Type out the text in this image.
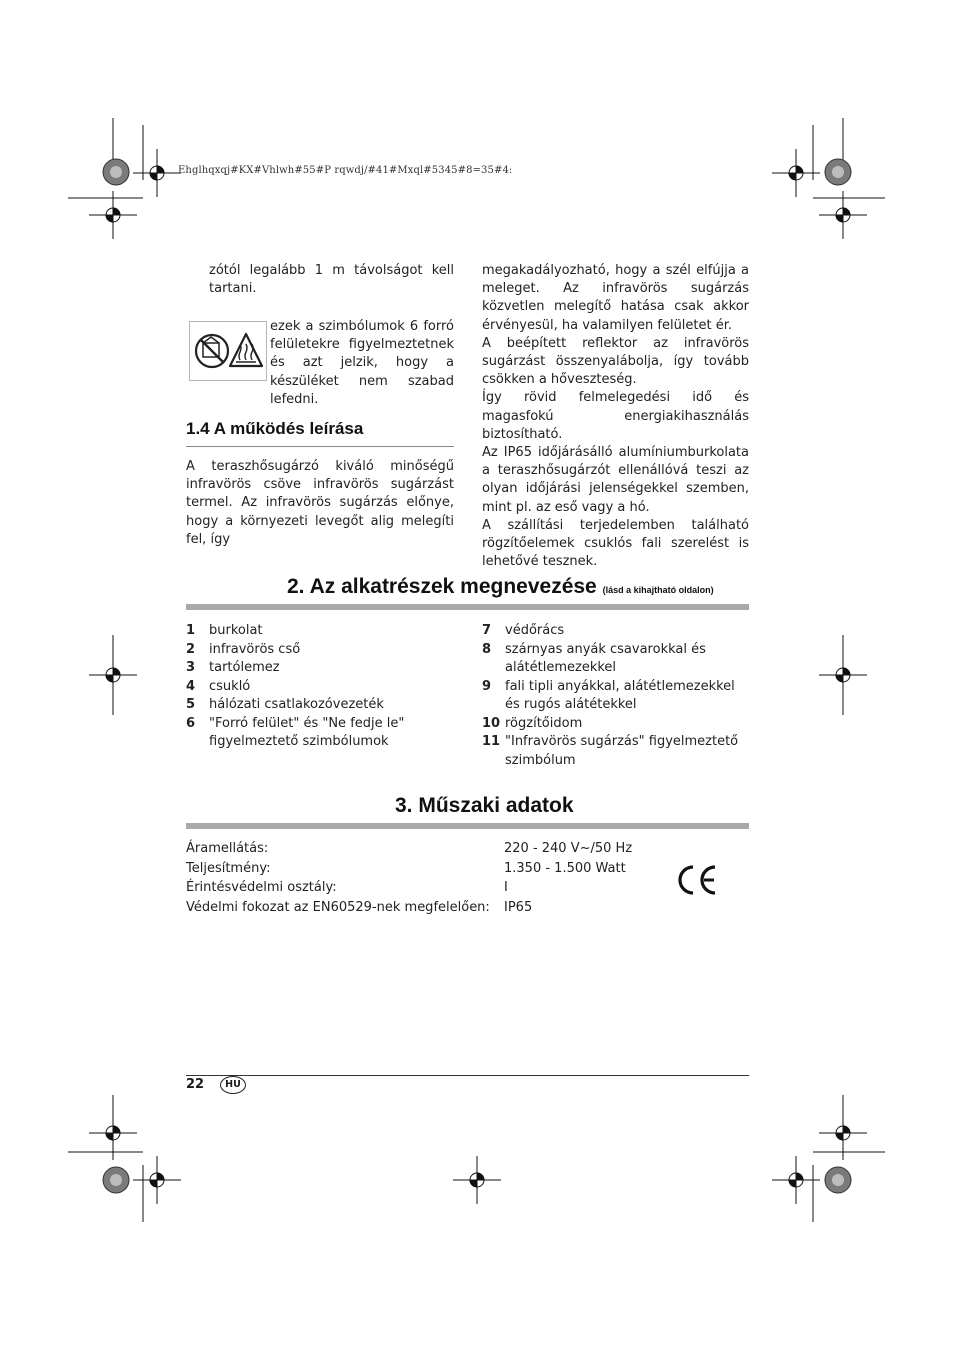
Ehglhqxqj#KX#Vhlwh#55#P rqwdj/#41#Mxql#5345#8=35#4:
zótól legalább 1 m távolságot kell tartani.
ezek a szimbólumok 6 forró felületekre figyelmeztetnek és azt jelzik, hogy a készüléket nem szabad lefedni.
1.4 A működés leírása
A teraszhősugárzó kiváló minőségű infravörös csöve infravörös sugárzást termel. Az infravörös sugárzás előnye, hogy a környezeti levegőt alig melegíti fel, így
megakadályozható, hogy a szél elfújja a meleget. Az infravörös sugárzás közvetlen melegítő hatása csak akkor érvényesül, ha valamilyen felületet ér.
A beépített reflektor az infravörös sugárzást összenyalábolja, így tovább csökken a hőveszteség.
Így rövid felmelegedési idő és magasfokú energiakihasználás biztosítható.
Az IP65 időjárásálló alumíniumburkolata a teraszhősugárzót ellenállóvá teszi az olyan időjárási jelenségekkel szemben, mint pl. az eső vagy a hó.
A szállítási terjedelemben található rögzítőelemek csuklós fali szerelést is lehetővé tesznek.
2. Az alkatrészek megnevezése (lásd a kihajtható oldalon)
1	burkolat
2	infravörös cső
3	tartólemez
4	csukló
5	hálózati csatlakozóvezeték
6	"Forró felület" és "Ne fedje le" figyelmeztető szimbólumok
7	védőrács
8	szárnyas anyák csavarokkal és alátétlemezekkel
9	fali tipli anyákkal, alátétlemezekkel és rugós alátétekkel
10 rögzítőidom
11 "Infravörös sugárzás" figyelmeztető szimbólum
3. Műszaki adatok
Áramellátás:	220 - 240 V~/50 Hz
Teljesítmény:	1.350 - 1.500 Watt
Érintésvédelmi osztály:	I
Védelmi fokozat az EN60529-nek megfelelően: IP65
22	HU
